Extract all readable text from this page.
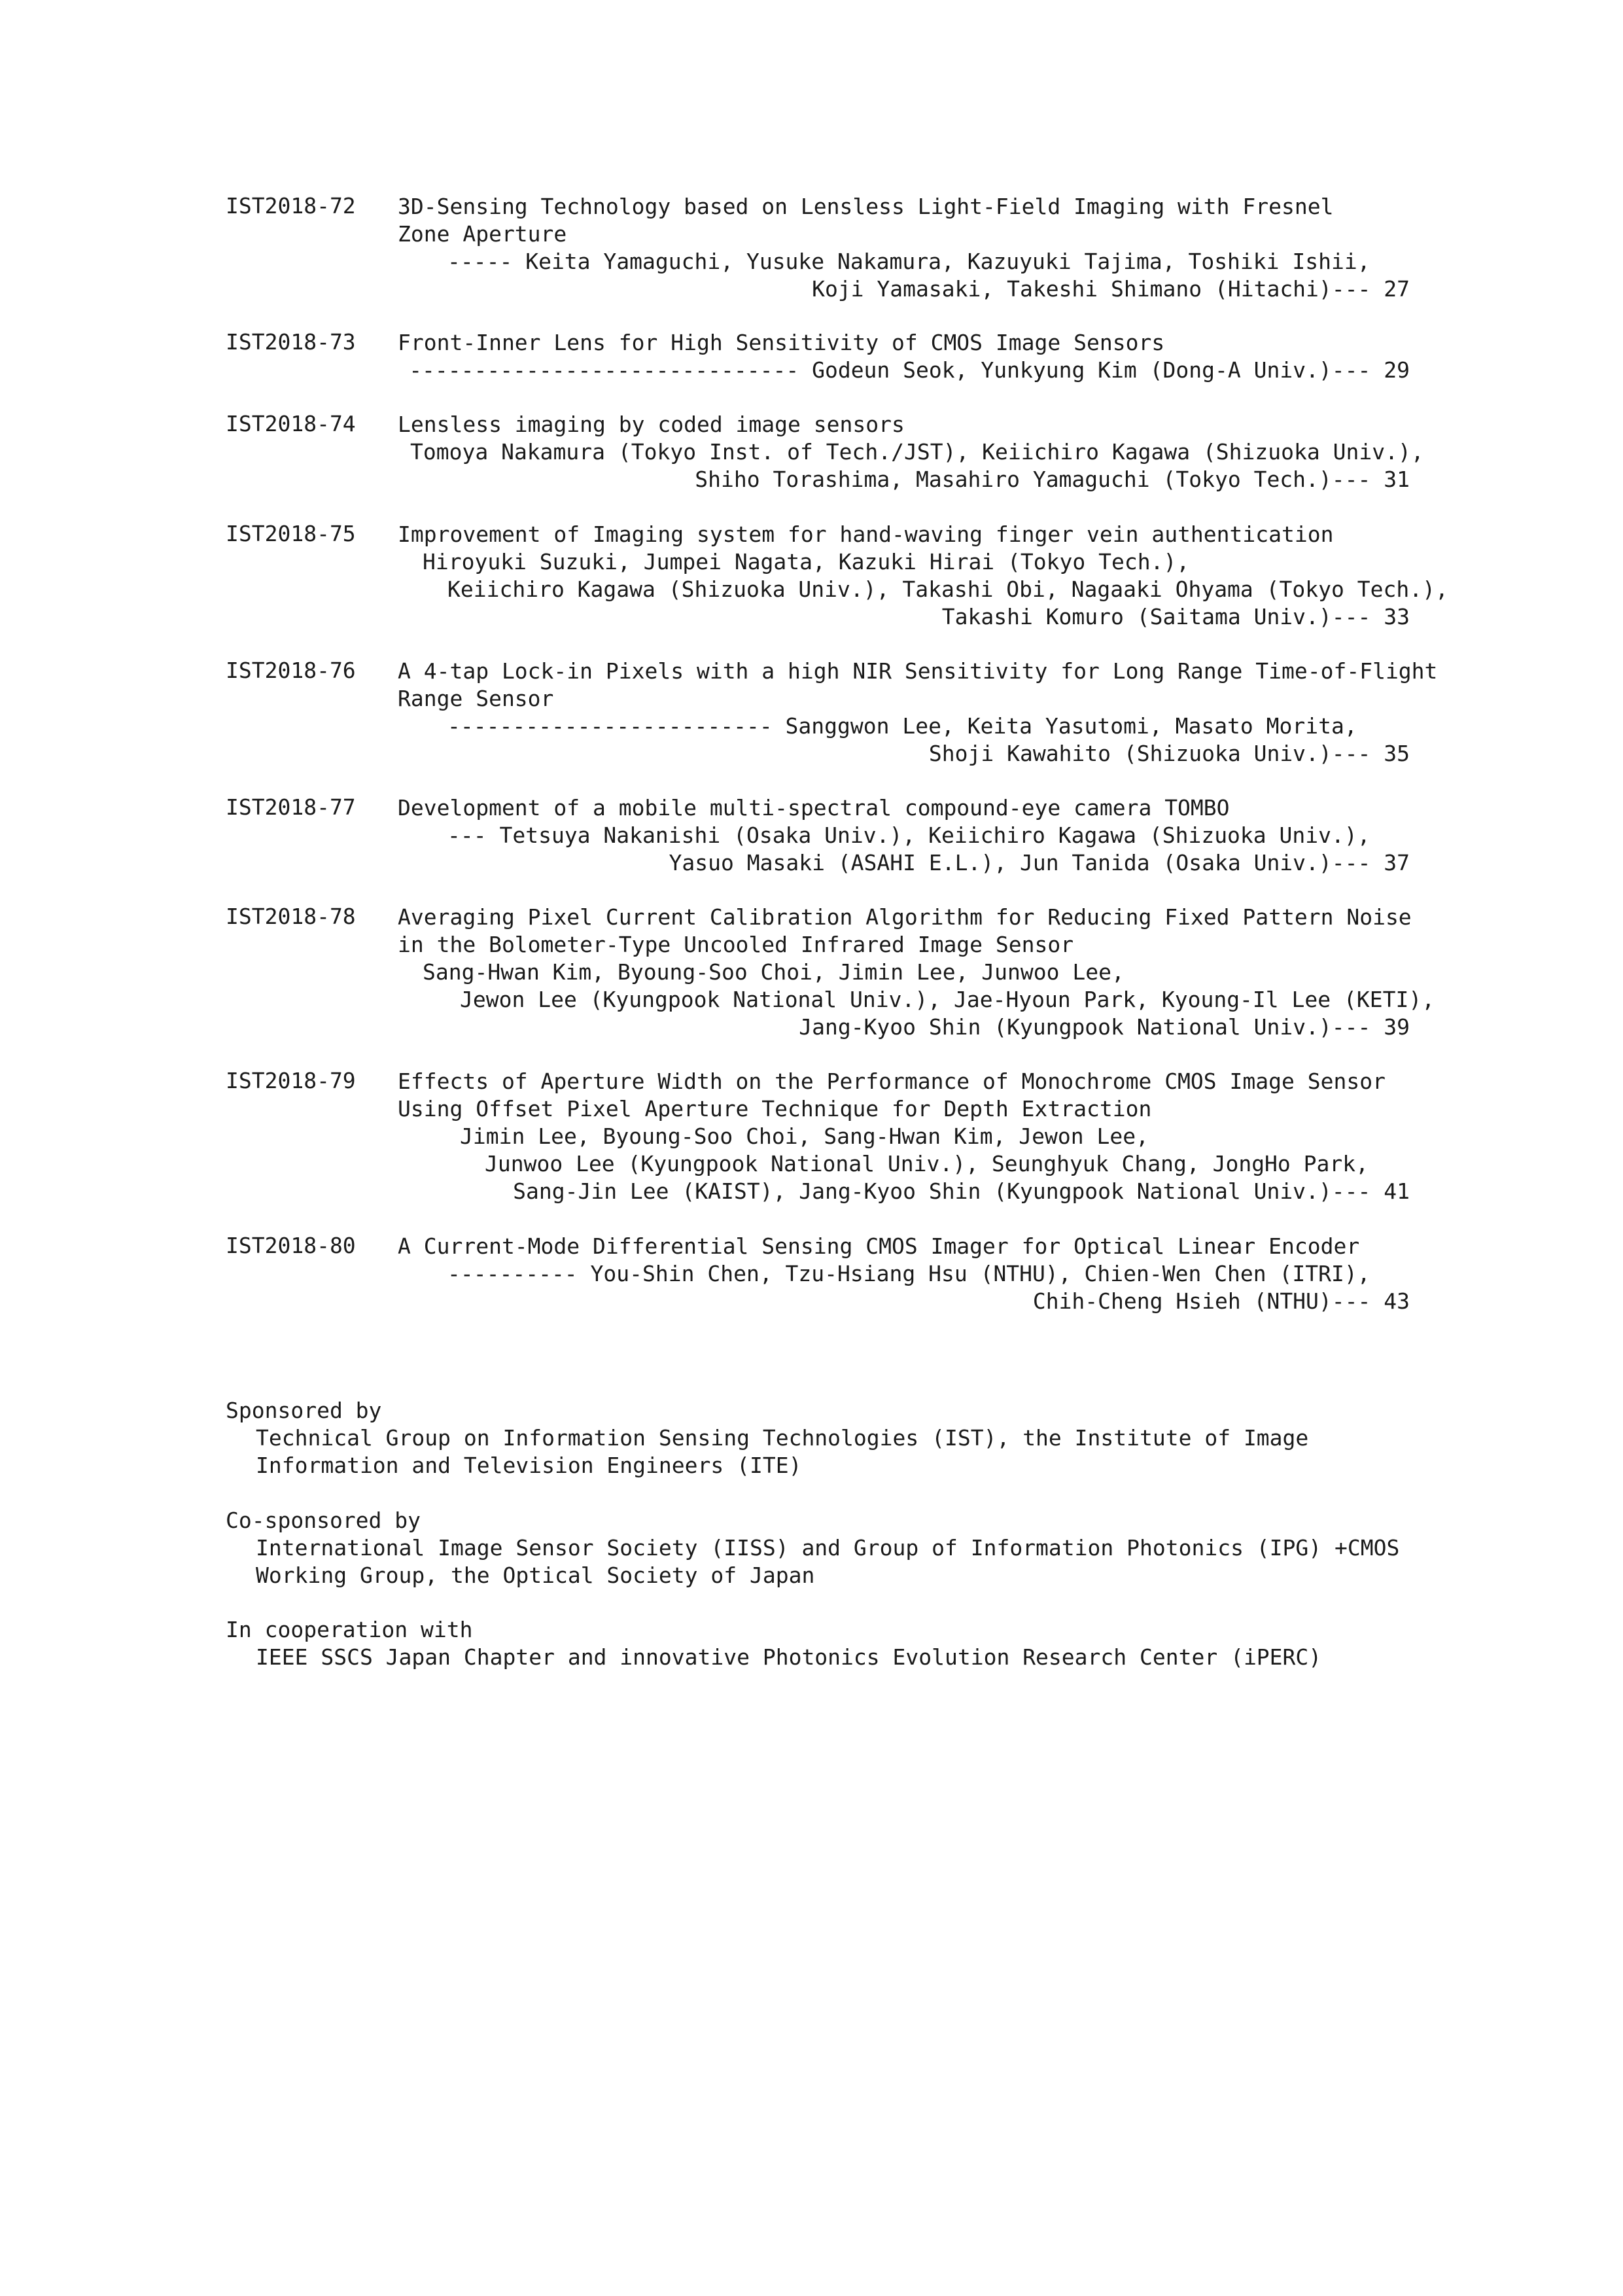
IST2018-72 3D-Sensing Technology based on Lensless Light-Field Imaging with Fresnel
Zone Aperture
----- Keita Yamaguchi, Yusuke Nakamura, Kazuyuki Tajima, Toshiki Ishii,
Koji Yamasaki, Takeshi Shimano (Hitachi)--- 27
IST2018-73 Front-Inner Lens for High Sensitivity of CMOS Image Sensors
------------------------------ Godeun Seok, Yunkyung Kim (Dong-A Univ.)--- 29
IST2018-74 Lensless imaging by coded image sensors
Tomoya Nakamura (Tokyo Inst. of Tech./JST), Keiichiro Kagawa (Shizuoka Univ.),
Shiho Torashima, Masahiro Yamaguchi (Tokyo Tech.)--- 31
IST2018-75 Improvement of Imaging system for hand-waving finger vein authentication
Hiroyuki Suzuki, Jumpei Nagata, Kazuki Hirai (Tokyo Tech.),
Keiichiro Kagawa (Shizuoka Univ.), Takashi Obi, Nagaaki Ohyama (Tokyo Tech.),
Takashi Komuro (Saitama Univ.)--- 33
IST2018-76 A 4-tap Lock-in Pixels with a high NIR Sensitivity for Long Range Time-of-Flight
Range Sensor
------------------------- Sanggwon Lee, Keita Yasutomi, Masato Morita,
Shoji Kawahito (Shizuoka Univ.)--- 35
IST2018-77 Development of a mobile multi-spectral compound-eye camera TOMBO
--- Tetsuya Nakanishi (Osaka Univ.), Keiichiro Kagawa (Shizuoka Univ.),
Yasuo Masaki (ASAHI E.L.), Jun Tanida (Osaka Univ.)--- 37
IST2018-78 Averaging Pixel Current Calibration Algorithm for Reducing Fixed Pattern Noise
in the Bolometer-Type Uncooled Infrared Image Sensor
Sang-Hwan Kim, Byoung-Soo Choi, Jimin Lee, Junwoo Lee,
Jewon Lee (Kyungpook National Univ.), Jae-Hyoun Park, Kyoung-Il Lee (KETI),
Jang-Kyoo Shin (Kyungpook National Univ.)--- 39
IST2018-79 Effects of Aperture Width on the Performance of Monochrome CMOS Image Sensor
Using Offset Pixel Aperture Technique for Depth Extraction
Jimin Lee, Byoung-Soo Choi, Sang-Hwan Kim, Jewon Lee,
Junwoo Lee (Kyungpook National Univ.), Seunghyuk Chang, JongHo Park,
Sang-Jin Lee (KAIST), Jang-Kyoo Shin (Kyungpook National Univ.)--- 41
IST2018-80 A Current-Mode Differential Sensing CMOS Imager for Optical Linear Encoder
---------- You-Shin Chen, Tzu-Hsiang Hsu (NTHU), Chien-Wen Chen (ITRI),
Chih-Cheng Hsieh (NTHU)--- 43
Sponsored by
Technical Group on Information Sensing Technologies (IST), the Institute of Image Information and Television Engineers (ITE)
Co-sponsored by
International Image Sensor Society (IISS) and Group of Information Photonics (IPG) +CMOS Working Group, the Optical Society of Japan
In cooperation with
IEEE SSCS Japan Chapter and innovative Photonics Evolution Research Center (iPERC)
